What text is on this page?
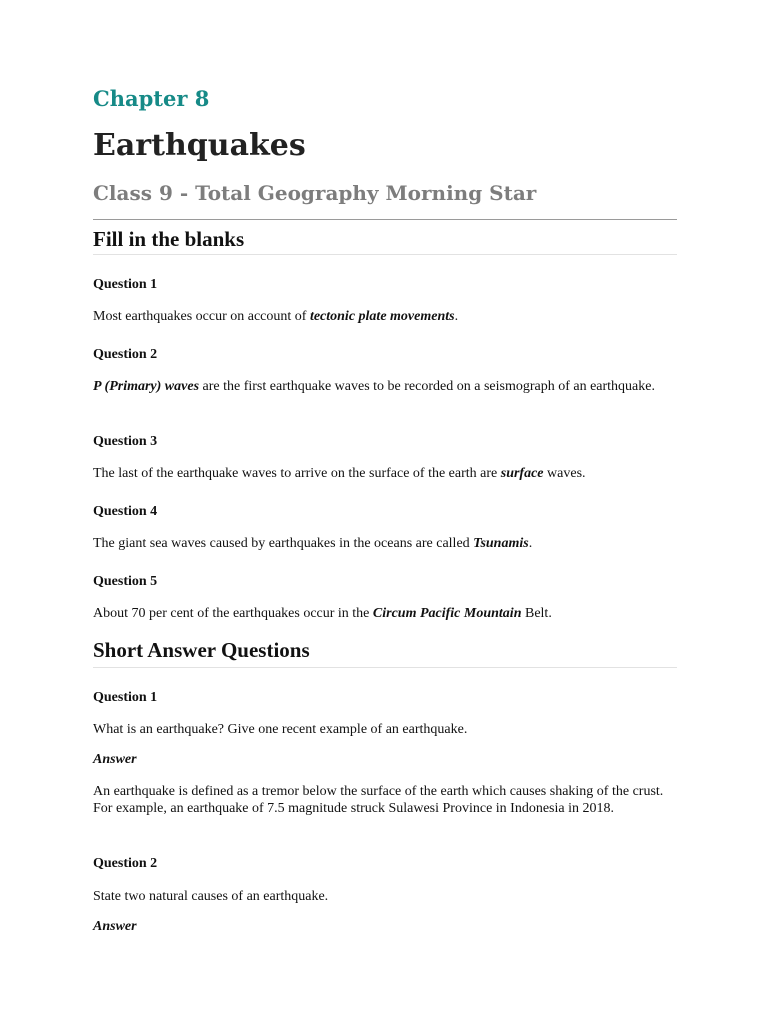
Chapter 8
Earthquakes
Class 9 - Total Geography Morning Star
Fill in the blanks
Question 1
Most earthquakes occur on account of tectonic plate movements.
Question 2
P (Primary) waves are the first earthquake waves to be recorded on a seismograph of an earthquake.
Question 3
The last of the earthquake waves to arrive on the surface of the earth are surface waves.
Question 4
The giant sea waves caused by earthquakes in the oceans are called Tsunamis.
Question 5
About 70 per cent of the earthquakes occur in the Circum Pacific Mountain Belt.
Short Answer Questions
Question 1
What is an earthquake? Give one recent example of an earthquake.
Answer
An earthquake is defined as a tremor below the surface of the earth which causes shaking of the crust. For example, an earthquake of 7.5 magnitude struck Sulawesi Province in Indonesia in 2018.
Question 2
State two natural causes of an earthquake.
Answer
